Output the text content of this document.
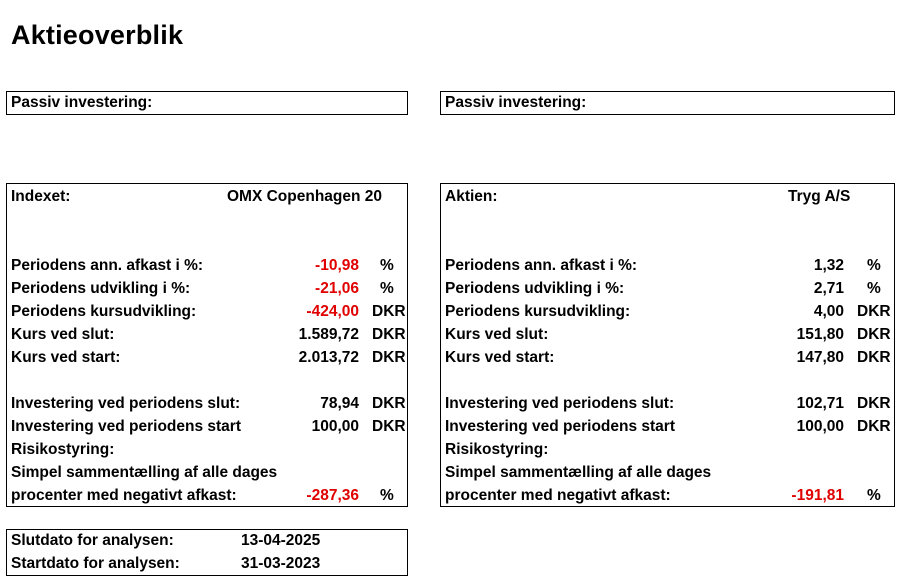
Aktieoverblik
Passiv investering:	Passiv investering:
Indexet:	OMX Copenhagen 20
Periodens ann. afkast i %:	-10,98 %
Periodens udvikling i %:	-21,06 %
Periodens kursudvikling:	-424,00 DKR
Kurs ved slut:	1.589,72 DKR
Kurs ved start:	2.013,72 DKR
Investering ved periodens slut:	78,94 DKR
Investering ved periodens start	100,00 DKR
Risikostyring:
Simpel sammentælling af alle dages
procenter med negativt afkast:	-287,36 %
Aktien:	Tryg A/S
Periodens ann. afkast i %:	1,32 %
Periodens udvikling i %:	2,71 %
Periodens kursudvikling:	4,00 DKR
Kurs ved slut:	151,80 DKR
Kurs ved start:	147,80 DKR
Investering ved periodens slut:	102,71 DKR
Investering ved periodens start	100,00 DKR
Risikostyring:
Simpel sammentælling af alle dages
procenter med negativt afkast:	-191,81 %
Slutdato for analysen:	13-04-2025
Startdato for analysen:	31-03-2023
